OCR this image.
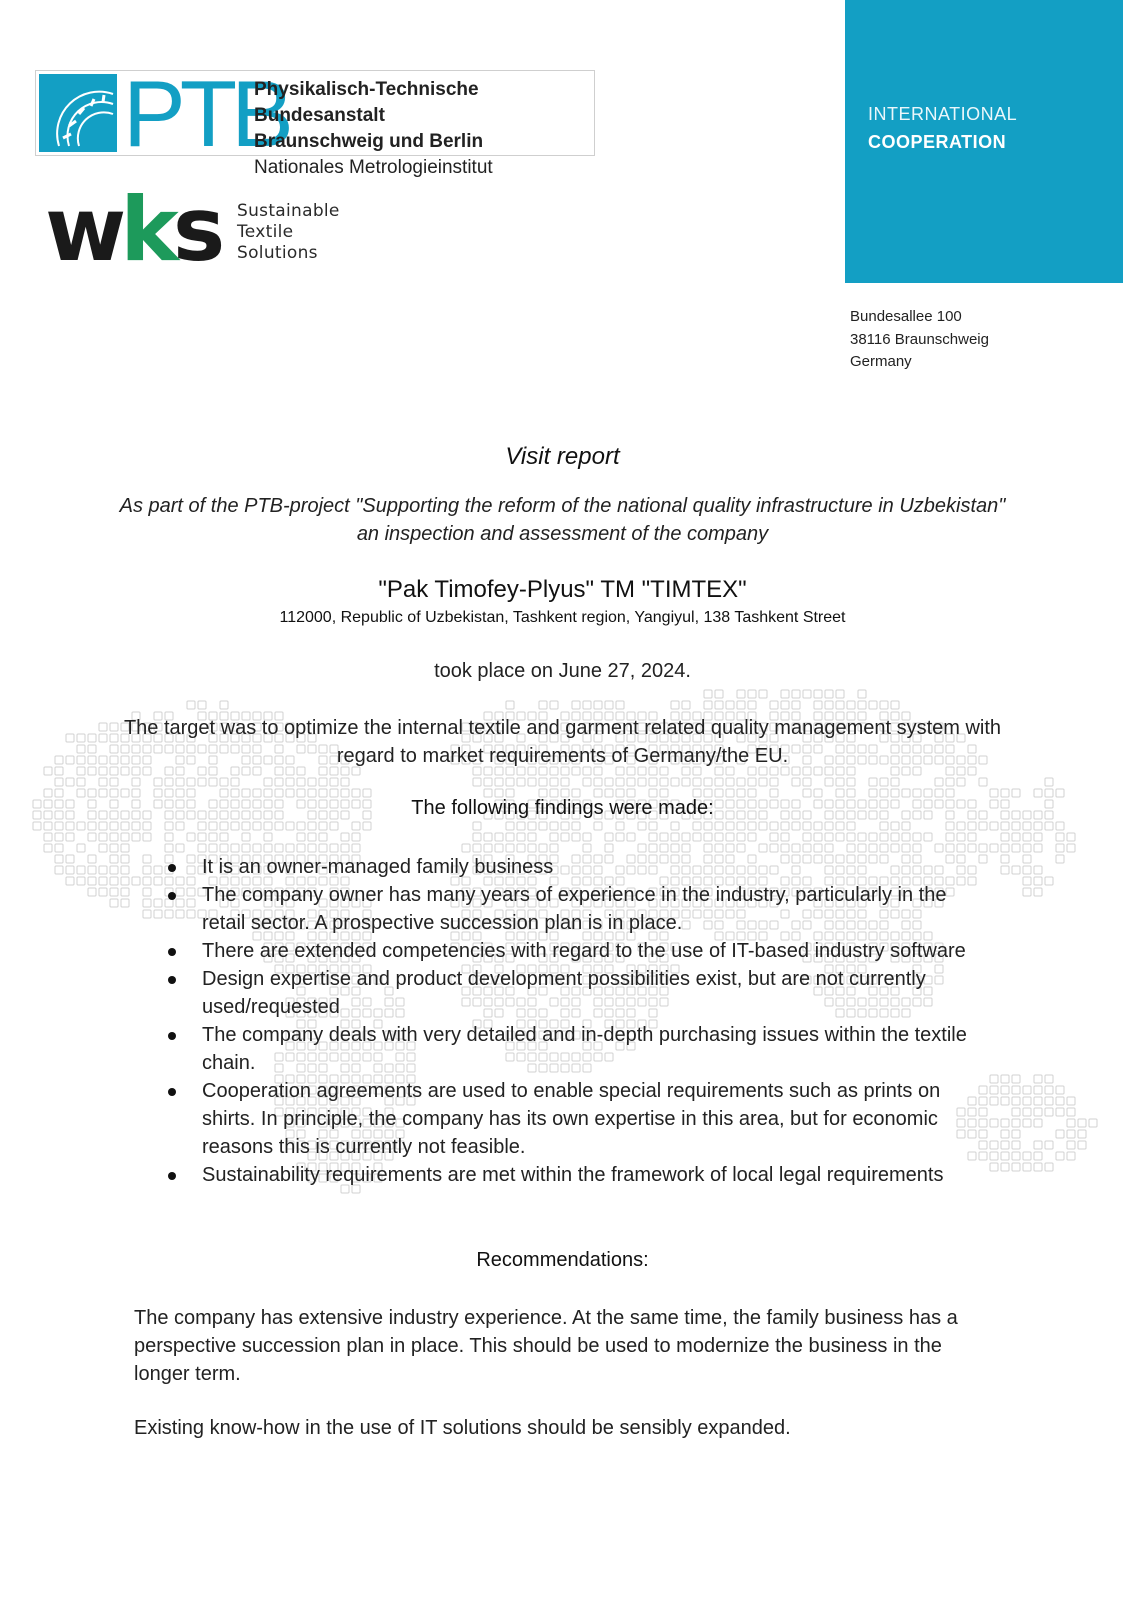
PTB
Physikalisch-Technische Bundesanstalt
Braunschweig und Berlin
Nationales Metrologieinstitut
wks Sustainable
Textile
Solutions
INTERNATIONAL
COOPERATION
Bundesallee 100
38116 Braunschweig
Germany
Visit report
As part of the PTB-project "Supporting the reform of the national quality infrastructure in Uzbekistan" an inspection and assessment of the company
"Pak Timofey-Plyus" TM "TIMTEX"
112000, Republic of Uzbekistan, Tashkent region, Yangiyul, 138 Tashkent Street
took place on June 27, 2024.
The target was to optimize the internal textile and garment related quality management system with regard to market requirements of Germany/the EU.
The following findings were made:
It is an owner-managed family business
The company owner has many years of experience in the industry, particularly in the retail sector. A prospective succession plan is in place.
There are extended competencies with regard to the use of IT-based industry software
Design expertise and product development possibilities exist, but are not currently used/requested
The company deals with very detailed and in-depth purchasing issues within the textile chain.
Cooperation agreements are used to enable special requirements such as prints on shirts. In principle, the company has its own expertise in this area, but for economic reasons this is currently not feasible.
Sustainability requirements are met within the framework of local legal requirements
Recommendations:
The company has extensive industry experience. At the same time, the family business has a perspective succession plan in place. This should be used to modernize the business in the longer term.
Existing know-how in the use of IT solutions should be sensibly expanded.
